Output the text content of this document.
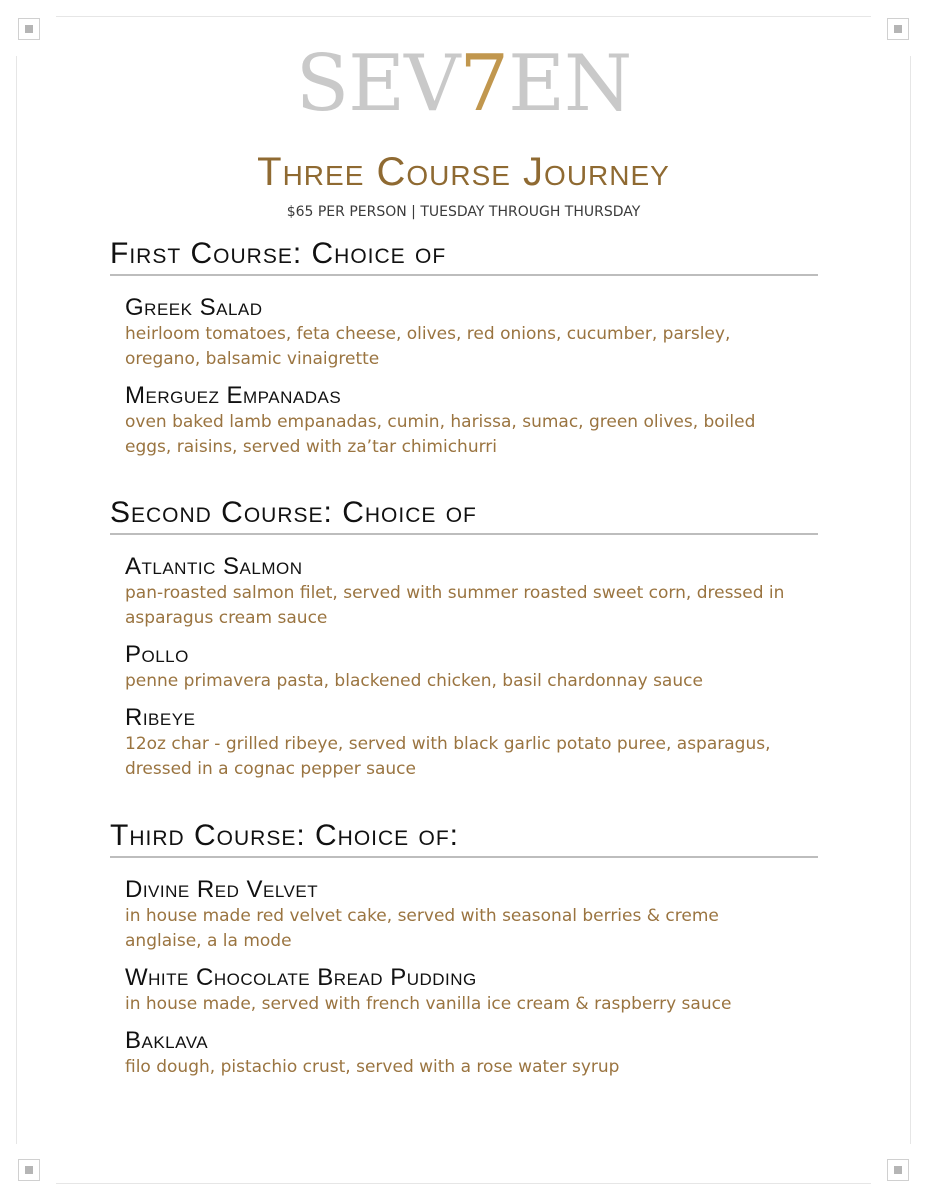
SEV7EN
Three Course Journey
$65 PER PERSON | TUESDAY THROUGH THURSDAY
First Course: Choice of
Greek Salad
heirloom tomatoes, feta cheese, olives, red onions, cucumber, parsley, oregano, balsamic vinaigrette
Merguez Empanadas
oven baked lamb empanadas, cumin, harissa, sumac, green olives, boiled eggs, raisins, served with za’tar chimichurri
Second Course: Choice of
Atlantic Salmon
pan-roasted salmon filet, served with summer roasted sweet corn, dressed in asparagus cream sauce
Pollo
penne primavera pasta, blackened chicken, basil chardonnay sauce
Ribeye
12oz char - grilled ribeye, served with black garlic potato puree, asparagus, dressed in a cognac pepper sauce
Third Course: Choice of:
Divine Red Velvet
in house made red velvet cake, served with seasonal berries & creme anglaise, a la mode
White Chocolate Bread Pudding
in house made, served with french vanilla ice cream & raspberry sauce
Baklava
filo dough, pistachio crust, served with a rose water syrup
